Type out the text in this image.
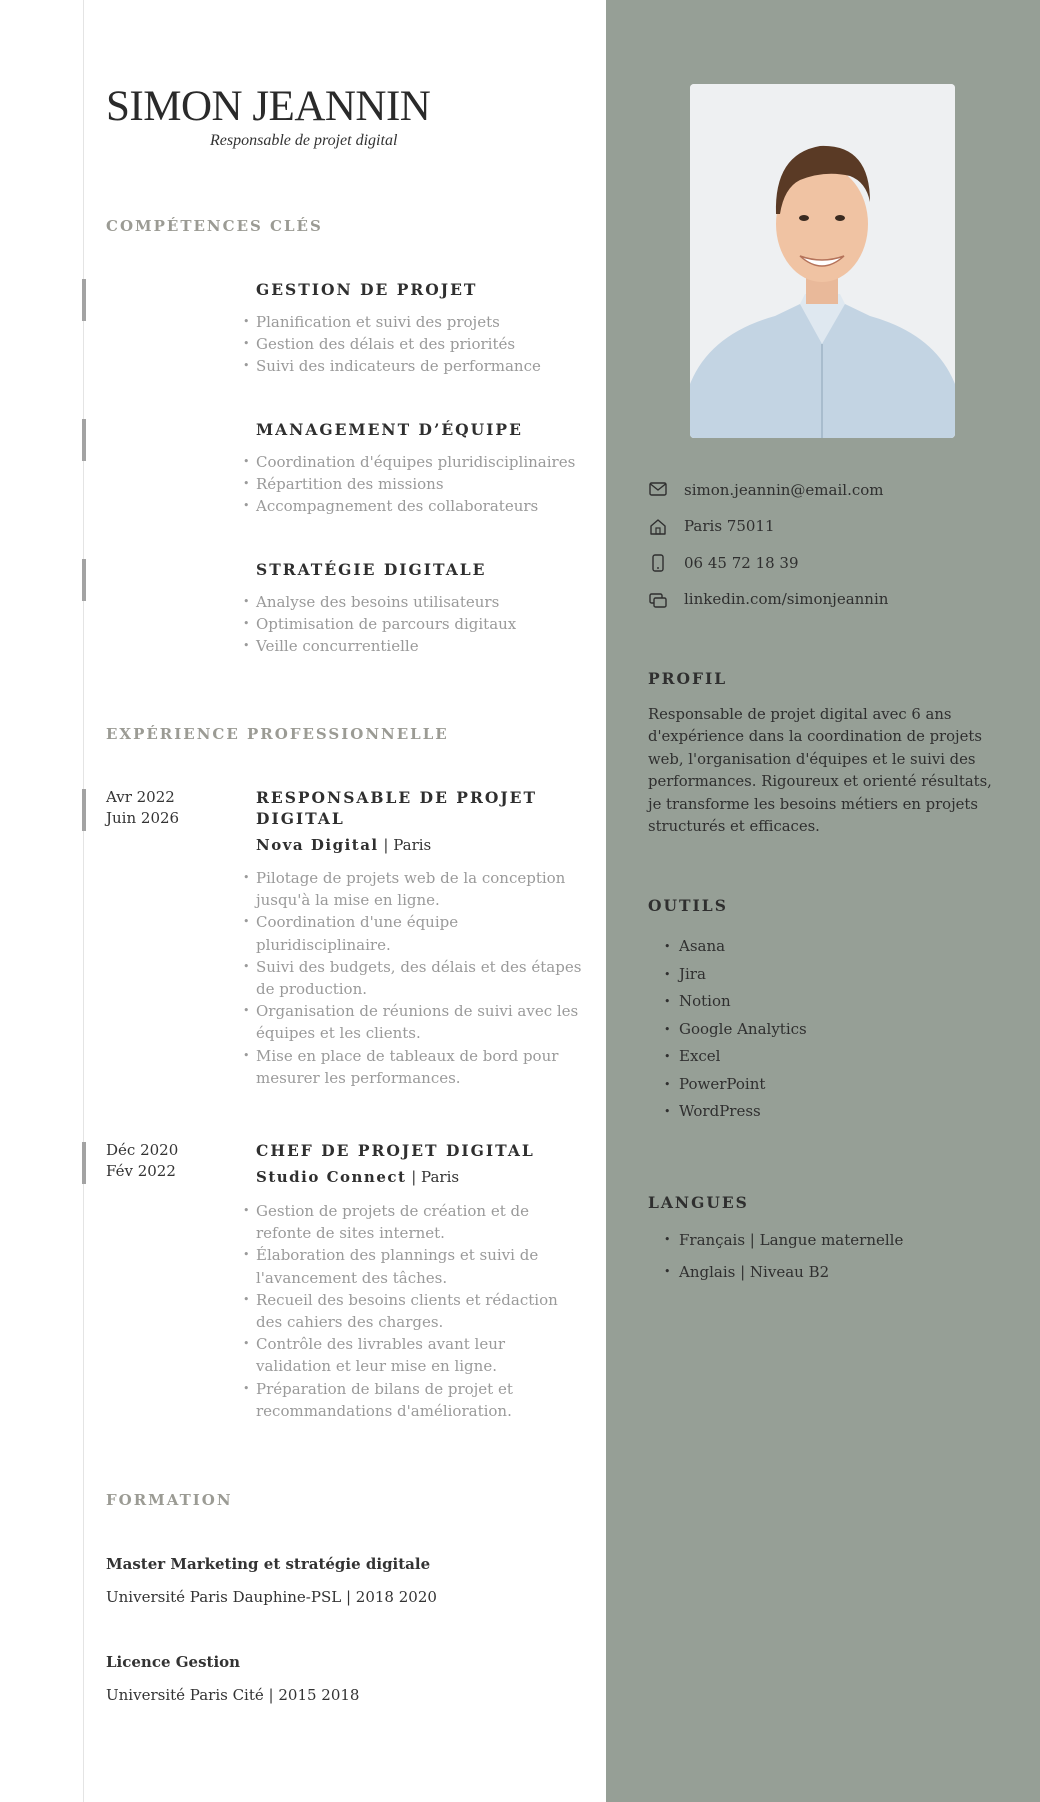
SIMON JEANNIN
Responsable de projet digital
COMPÉTENCES CLÉS
GESTION DE PROJET
• Planification et suivi des projets
• Gestion des délais et des priorités
• Suivi des indicateurs de performance
MANAGEMENT D’ÉQUIPE
• Coordination d'équipes pluridisciplinaires
• Répartition des missions
• Accompagnement des collaborateurs
STRATÉGIE DIGITALE
• Analyse des besoins utilisateurs
• Optimisation de parcours digitaux
• Veille concurrentielle
EXPÉRIENCE PROFESSIONNELLE
Avr 2022
Juin 2026
RESPONSABLE DE PROJET DIGITAL
Nova Digital | Paris
• Pilotage de projets web de la conception jusqu'à la mise en ligne.
• Coordination d'une équipe pluridisciplinaire.
• Suivi des budgets, des délais et des étapes de production.
• Organisation de réunions de suivi avec les équipes et les clients.
• Mise en place de tableaux de bord pour mesurer les performances.
Déc 2020
Fév 2022
CHEF DE PROJET DIGITAL
Studio Connect | Paris
• Gestion de projets de création et de refonte de sites internet.
• Élaboration des plannings et suivi de l'avancement des tâches.
• Recueil des besoins clients et rédaction des cahiers des charges.
• Contrôle des livrables avant leur validation et leur mise en ligne.
• Préparation de bilans de projet et recommandations d'amélioration.
FORMATION
Master Marketing et stratégie digitale
Université Paris Dauphine-PSL | 2018 2020
Licence Gestion
Université Paris Cité | 2015 2018
simon.jeannin@email.com
Paris 75011
06 45 72 18 39
linkedin.com/simonjeannin
PROFIL

Responsable de projet digital avec 6 ans d'expérience dans la coordination de projets web, l'organisation d'équipes et le suivi des performances. Rigoureux et orienté résultats, je transforme les besoins métiers en projets structurés et efficaces.

OUTILS
• Asana
• Jira
• Notion
• Google Analytics
• Excel
• PowerPoint
• WordPress
LANGUES
• Français | Langue maternelle
• Anglais | Niveau B2
